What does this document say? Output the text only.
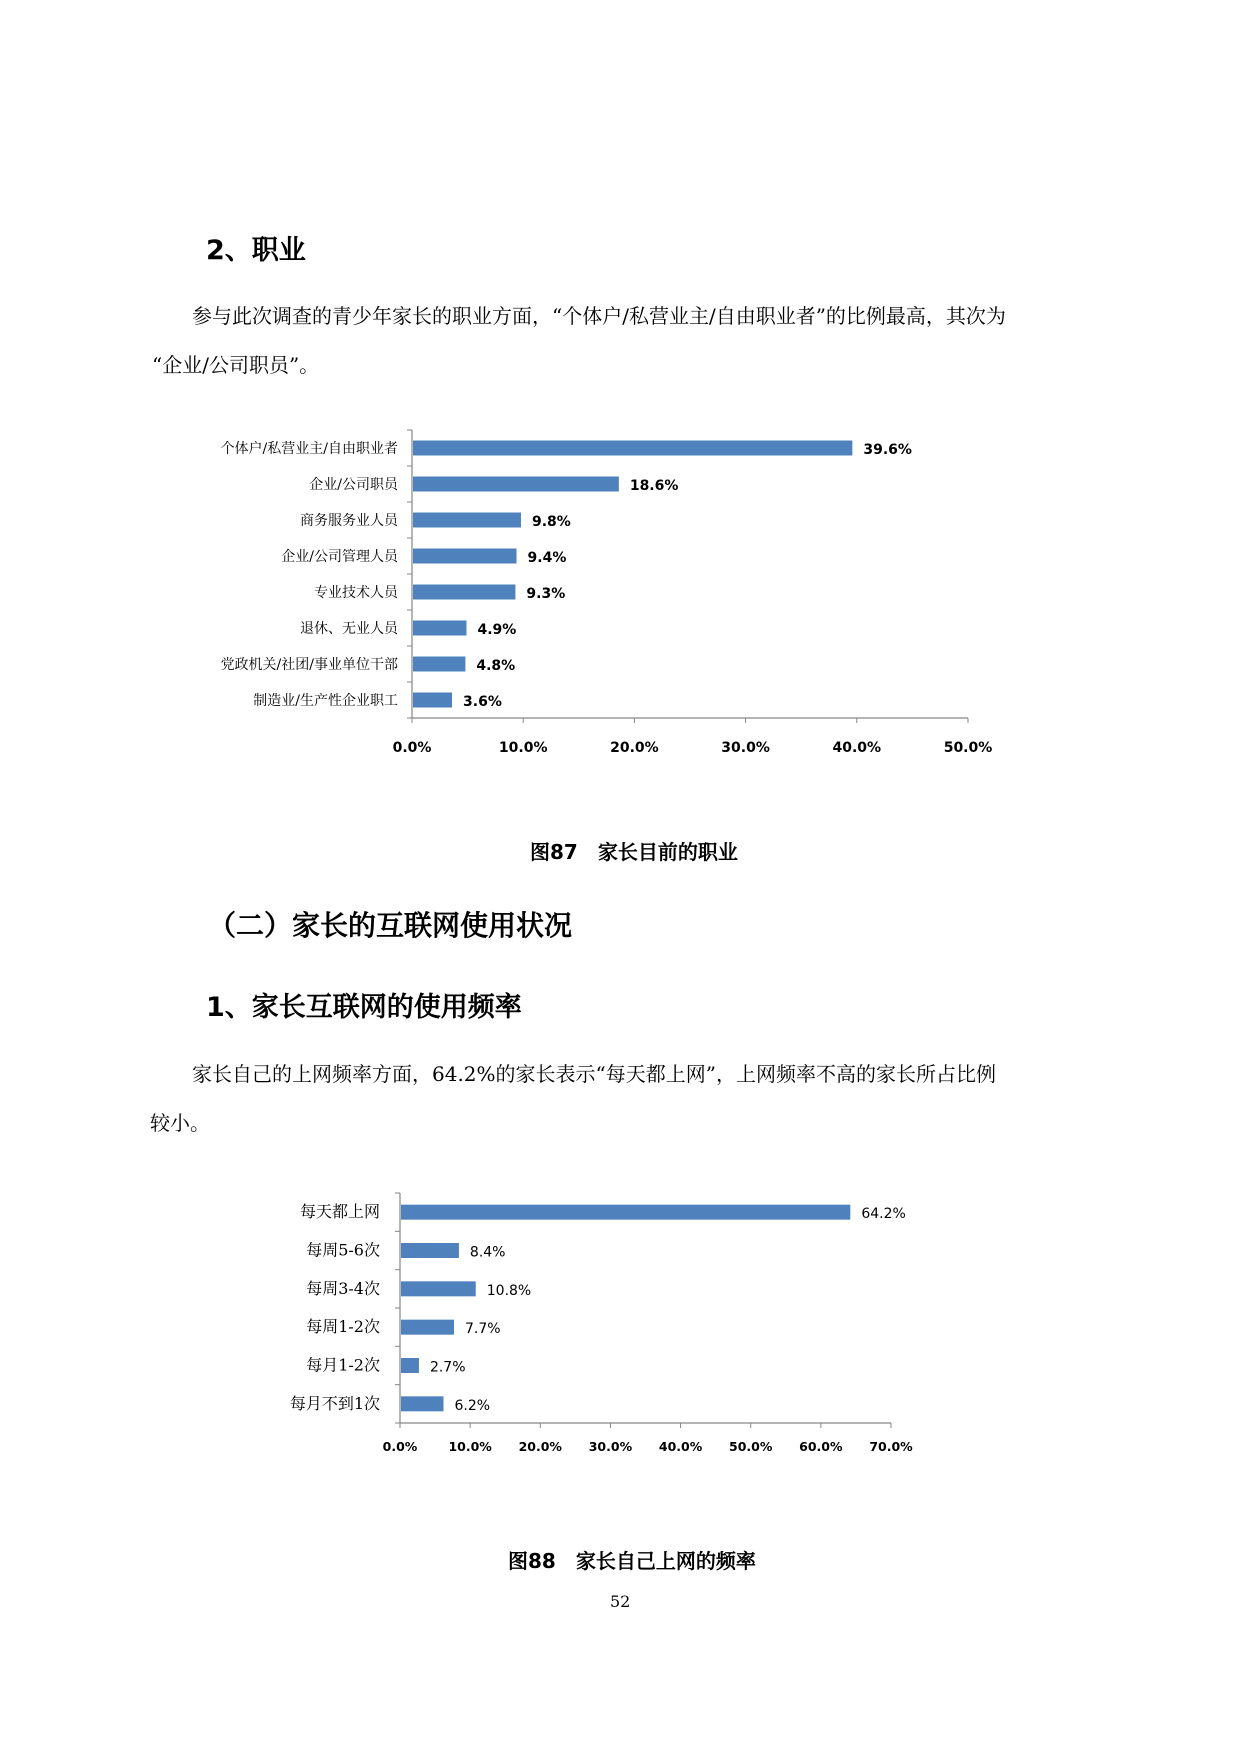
2、职业
参与此次调查的青少年家长的职业方面，“个体户/私营业主/自由职业者”的比例最高，其次为
“企业/公司职员”。
0.0%	10.0%	20.0%	30.0%	40.0%	50.0%
个体户/私营业主/自由职业者	39.6%
企业/公司职员	18.6%
商务服务业人员	9.8%
企业/公司管理人员	9.4%
专业技术人员	9.3%
退休、无业人员	4.9%
党政机关/社团/事业单位干部	4.8%
制造业/生产性企业职工	3.6%
图87　家长目前的职业
（二）家长的互联网使用状况
1、家长互联网的使用频率
家长自己的上网频率方面，64.2%的家长表示“每天都上网”，上网频率不高的家长所占比例
较小。
0.0% 10.0% 20.0% 30.0% 40.0% 50.0% 60.0% 70.0%
每天都上网	64.2%
每周5-6次	8.4%
每周3-4次	10.8%
每周1-2次	7.7%
每月1-2次	2.7%
每月不到1次	6.2%
图88　家长自己上网的频率
52
